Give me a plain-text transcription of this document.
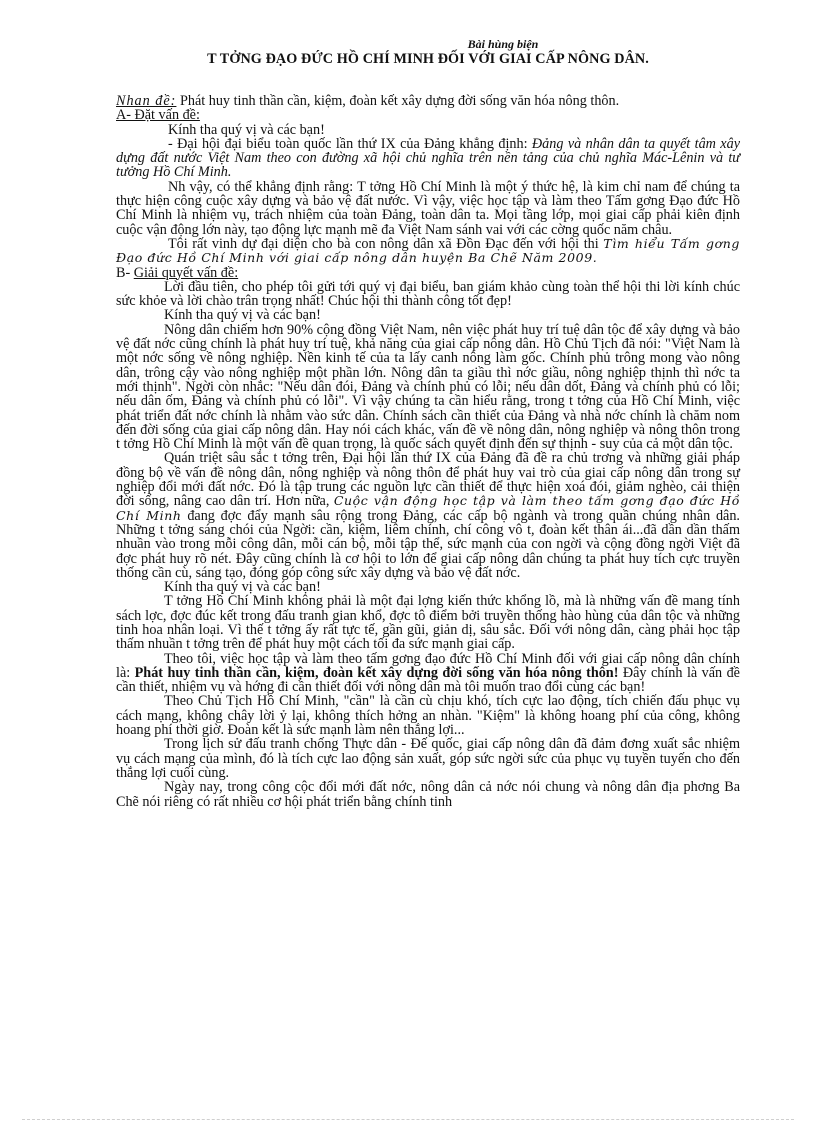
Bài hùng biện
T TỞNG ĐẠO ĐỨC HỒ CHÍ MINH ĐỐI VỚI GIAI CẤP NÔNG DÂN.

Nhan đề: Phát huy tinh thần cần, kiệm, đoàn kết xây dựng đời sống văn hóa nông thôn.

A- Đặt vấn đề:

Kính tha quý vị và các bạn!

- Đại hội đại biểu toàn quốc lần thứ IX của Đảng khẳng định: Đảng và nhân dân ta quyết tâm xây dựng đất nước Việt Nam theo con đường xã hội chủ nghĩa trên nền tảng của chủ nghĩa Mác-Lênin và tư tưởng Hồ Chí Minh.

Nh vậy, có thể khẳng định rằng: T tởng Hồ Chí Minh là một ý thức hệ, là kim chỉ nam để chúng ta thực hiện công cuộc xây dựng và bảo vệ đất nước. Vì vậy, việc học tập và làm theo Tấm gơng Đạo đức Hồ Chí Minh là nhiệm vụ, trách nhiệm của toàn Đảng, toàn dân ta. Mọi tầng lớp, mọi giai cấp phải kiên định cuộc vận động lớn này, tạo động lực mạnh mẽ đa Việt Nam sánh vai với các cờng quốc năm châu.

Tôi rất vinh dự đại diện cho bà con nông dân xã Đồn Đạc đến với hội thi Tìm hiểu Tấm gơng Đạo đức Hồ Chí Minh với giai cấp nông dân huyện Ba Chẽ Năm 2009.

B- Giải quyết vấn đề:

Lời đầu tiên, cho phép tôi gửi tới quý vị đại biểu, ban giám khảo cùng toàn thể hội thi lời kính chúc sức khỏe và lời chào trân trọng nhất! Chúc hội thi thành công tốt đẹp!

Kính tha quý vị và các bạn!

Nông dân chiếm hơn 90% cộng đồng Việt Nam, nên việc phát huy trí tuệ dân tộc để xây dựng và bảo vệ đất nớc cũng chính là phát huy trí tuệ, khả năng của giai cấp nông dân. Hồ Chủ Tịch đã nói: "Việt Nam là một nớc sống về nông nghiệp. Nền kinh tế của ta lấy canh nông làm gốc. Chính phủ trông mong vào nông dân, trông cậy vào nông nghiệp một phần lớn. Nông dân ta giầu thì nớc giầu, nông nghiệp thịnh thì nớc ta mới thịnh". Ngời còn nhắc: "Nếu dân đói, Đảng và chính phủ có lỗi; nếu dân dốt, Đảng và chính phủ có lỗi; nếu dân ốm, Đảng và chính phủ có lỗi". Vì vậy chúng ta cần hiểu rằng, trong t tởng của Hồ Chí Minh, việc phát triển đất nớc chính là nhằm vào sức dân. Chính sách cần thiết của Đảng và nhà nớc chính là chăm nom đến đời sống của giai cấp nông dân. Hay nói cách khác, vấn đề về nông dân, nông nghiệp và nông thôn trong t tởng Hồ Chí Minh là một vấn đề quan trọng, là quốc sách quyết định đến sự thịnh - suy của cả một dân tộc.

Quán triệt sâu sắc t tởng trên, Đại hội lần thứ IX của Đảng đã đề ra chủ trơng và những giải pháp đồng bộ về vấn đề nông dân, nông nghiệp và nông thôn để phát huy vai trò của giai cấp nông dân trong sự nghiệp đổi mới đất nớc. Đó là tập trung các nguồn lực cần thiết để thực hiện xoá đói, giảm nghèo, cải thiện đời sống, nâng cao dân trí. Hơn nữa, Cuộc vận động học tập và làm theo tấm gơng đạo đức Hồ Chí Minh đang đợc đẩy mạnh sâu rộng trong Đảng, các cấp bộ ngành và trong quần chúng nhân dân. Những t tởng sáng chói của Ngời: cần, kiệm, liêm chính, chí công vô t, đoàn kết thân ái...đã dần dần thấm nhuần vào trong mỗi công dân, mỗi cán bộ, mỗi tập thể, sức mạnh của con ngời và cộng đồng ngời Việt đã đợc phát huy rõ nét. Đây cũng chính là cơ hội to lớn để giai cấp nông dân chúng ta phát huy tích cực truyền thống cần cù, sáng tạo, đóng góp công sức xây dựng và bảo vệ đất nớc.

Kính tha quý vị và các bạn!

T tởng Hồ Chí Minh không phải là một đại lợng kiến thức khổng lồ, mà là những vấn đề mang tính sách lợc, đợc đúc kết trong đấu tranh gian khổ, đợc tô điểm bởi truyền thống hào hùng của dân tộc và những tinh hoa nhân loại. Vì thế t tởng ấy rất tực tế, gần gũi, giản dị, sâu sắc. Đối với nông dân, càng phải học tập thấm nhuần t tởng trên để phát huy một cách tối đa sức mạnh giai cấp.

Theo tôi, việc học tập và làm theo tấm gơng đạo đức Hồ Chí Minh đối với giai cấp nông dân chính là: Phát huy tinh thần cần, kiệm, đoàn kết xây dựng đời sống văn hóa nông thôn! Đây chính là vấn đề cần thiết, nhiệm vụ và hớng đi cần thiết đối với nông dân mà tôi muốn trao đổi cùng các bạn!

Theo Chủ Tịch Hồ Chí Minh, "cần" là cần cù chịu khó, tích cực lao động, tích chiến đấu phục vụ cách mạng, không chây lời ỷ lại, không thích hởng an nhàn. "Kiệm" là không hoang phí của công, không hoang phí thời giờ. Đoàn kết là sức mạnh làm nên thắng lợi...

Trong lịch sử đấu tranh chống Thực dân - Đế quốc, giai cấp nông dân đã đảm đơng xuất sắc nhiệm vụ cách mạng của mình, đó là tích cực lao động sản xuất, góp sức ngời sức của phục vụ tuyền tuyến cho đến thắng lợi cuối cùng.

Ngày nay, trong công cộc đổi mới đất nớc, nông dân cả nớc nói chung và nông dân địa phơng Ba Chẽ nói riêng có rất nhiều cơ hội phát triển bằng chính tinh
